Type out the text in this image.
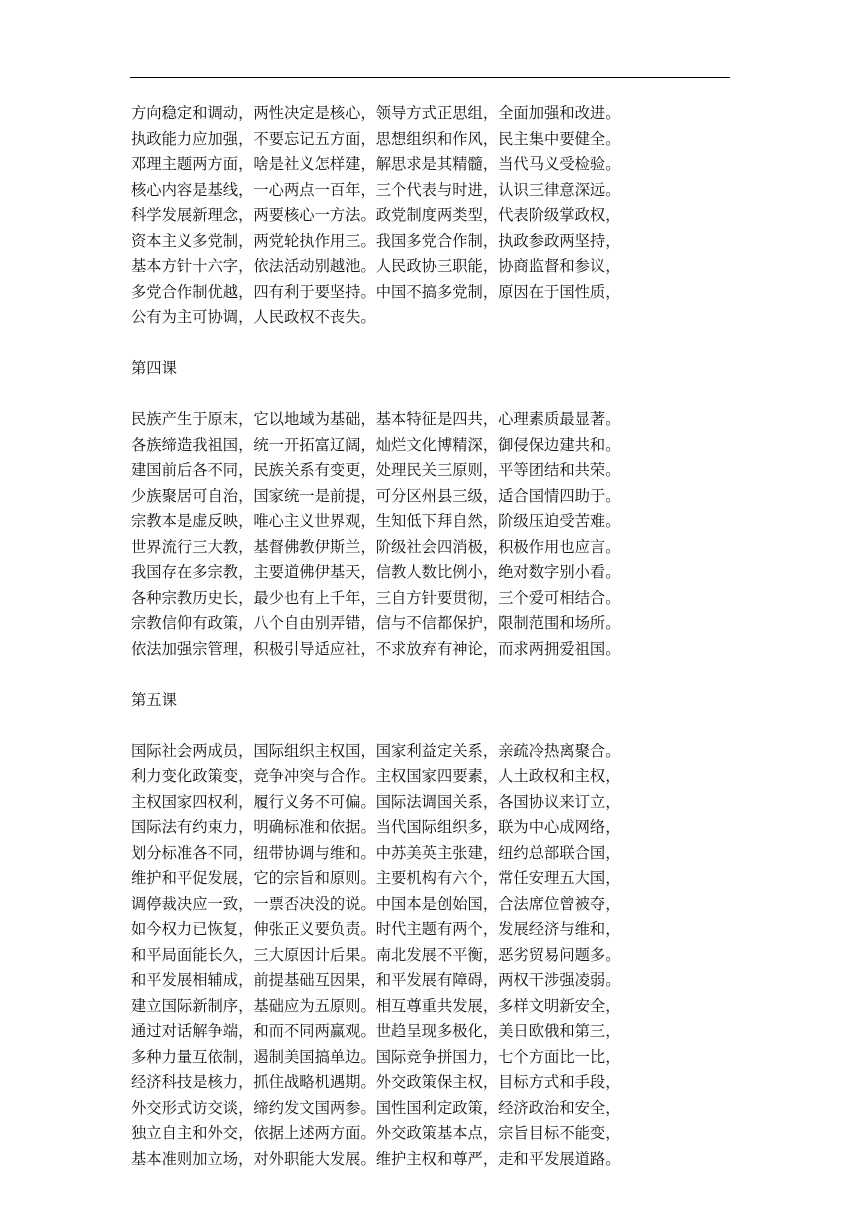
方向稳定和调动，两性决定是核心，领导方式正思组，全面加强和改进。
执政能力应加强，不要忘记五方面，思想组织和作风，民主集中要健全。
邓理主题两方面，啥是社义怎样建，解思求是其精髓，当代马义受检验。
核心内容是基线，一心两点一百年，三个代表与时进，认识三律意深远。
科学发展新理念，两要核心一方法。政党制度两类型，代表阶级掌政权，
资本主义多党制，两党轮执作用三。我国多党合作制，执政参政两坚持，
基本方针十六字，依法活动别越池。人民政协三职能，协商监督和参议，
多党合作制优越，四有利于要坚持。中国不搞多党制，原因在于国性质，
公有为主可协调，人民政权不丧失。
第四课
民族产生于原末，它以地域为基础，基本特征是四共，心理素质最显著。
各族缔造我祖国，统一开拓富辽阔，灿烂文化博精深，御侵保边建共和。
建国前后各不同，民族关系有变更，处理民关三原则，平等团结和共荣。
少族聚居可自治，国家统一是前提，可分区州县三级，适合国情四助于。
宗教本是虚反映，唯心主义世界观，生知低下拜自然，阶级压迫受苦难。
世界流行三大教，基督佛教伊斯兰，阶级社会四消极，积极作用也应言。
我国存在多宗教，主要道佛伊基天，信教人数比例小，绝对数字别小看。
各种宗教历史长，最少也有上千年，三自方针要贯彻，三个爱可相结合。
宗教信仰有政策，八个自由别弄错，信与不信都保护，限制范围和场所。
依法加强宗管理，积极引导适应社，不求放弃有神论，而求两拥爱祖国。
第五课
国际社会两成员，国际组织主权国，国家利益定关系，亲疏冷热离聚合。
利力变化政策变，竞争冲突与合作。主权国家四要素，人土政权和主权，
主权国家四权利，履行义务不可偏。国际法调国关系，各国协议来订立，
国际法有约束力，明确标准和依据。当代国际组织多，联为中心成网络，
划分标准各不同，纽带协调与维和。中苏美英主张建，纽约总部联合国，
维护和平促发展，它的宗旨和原则。主要机构有六个，常任安理五大国，
调停裁决应一致，一票否决没的说。中国本是创始国，合法席位曾被夺，
如今权力已恢复，伸张正义要负责。时代主题有两个，发展经济与维和，
和平局面能长久，三大原因计后果。南北发展不平衡，恶劣贸易问题多。
和平发展相辅成，前提基础互因果，和平发展有障碍，两权干涉强凌弱。
建立国际新制序，基础应为五原则。相互尊重共发展，多样文明新安全，
通过对话解争端，和而不同两赢观。世趋呈现多极化，美日欧俄和第三，
多种力量互依制，遏制美国搞单边。国际竞争拼国力，七个方面比一比，
经济科技是核力，抓住战略机遇期。外交政策保主权，目标方式和手段，
外交形式访交谈，缔约发文国两参。国性国利定政策，经济政治和安全，
独立自主和外交，依据上述两方面。外交政策基本点，宗旨目标不能变，
基本准则加立场，对外职能大发展。维护主权和尊严，走和平发展道路。
